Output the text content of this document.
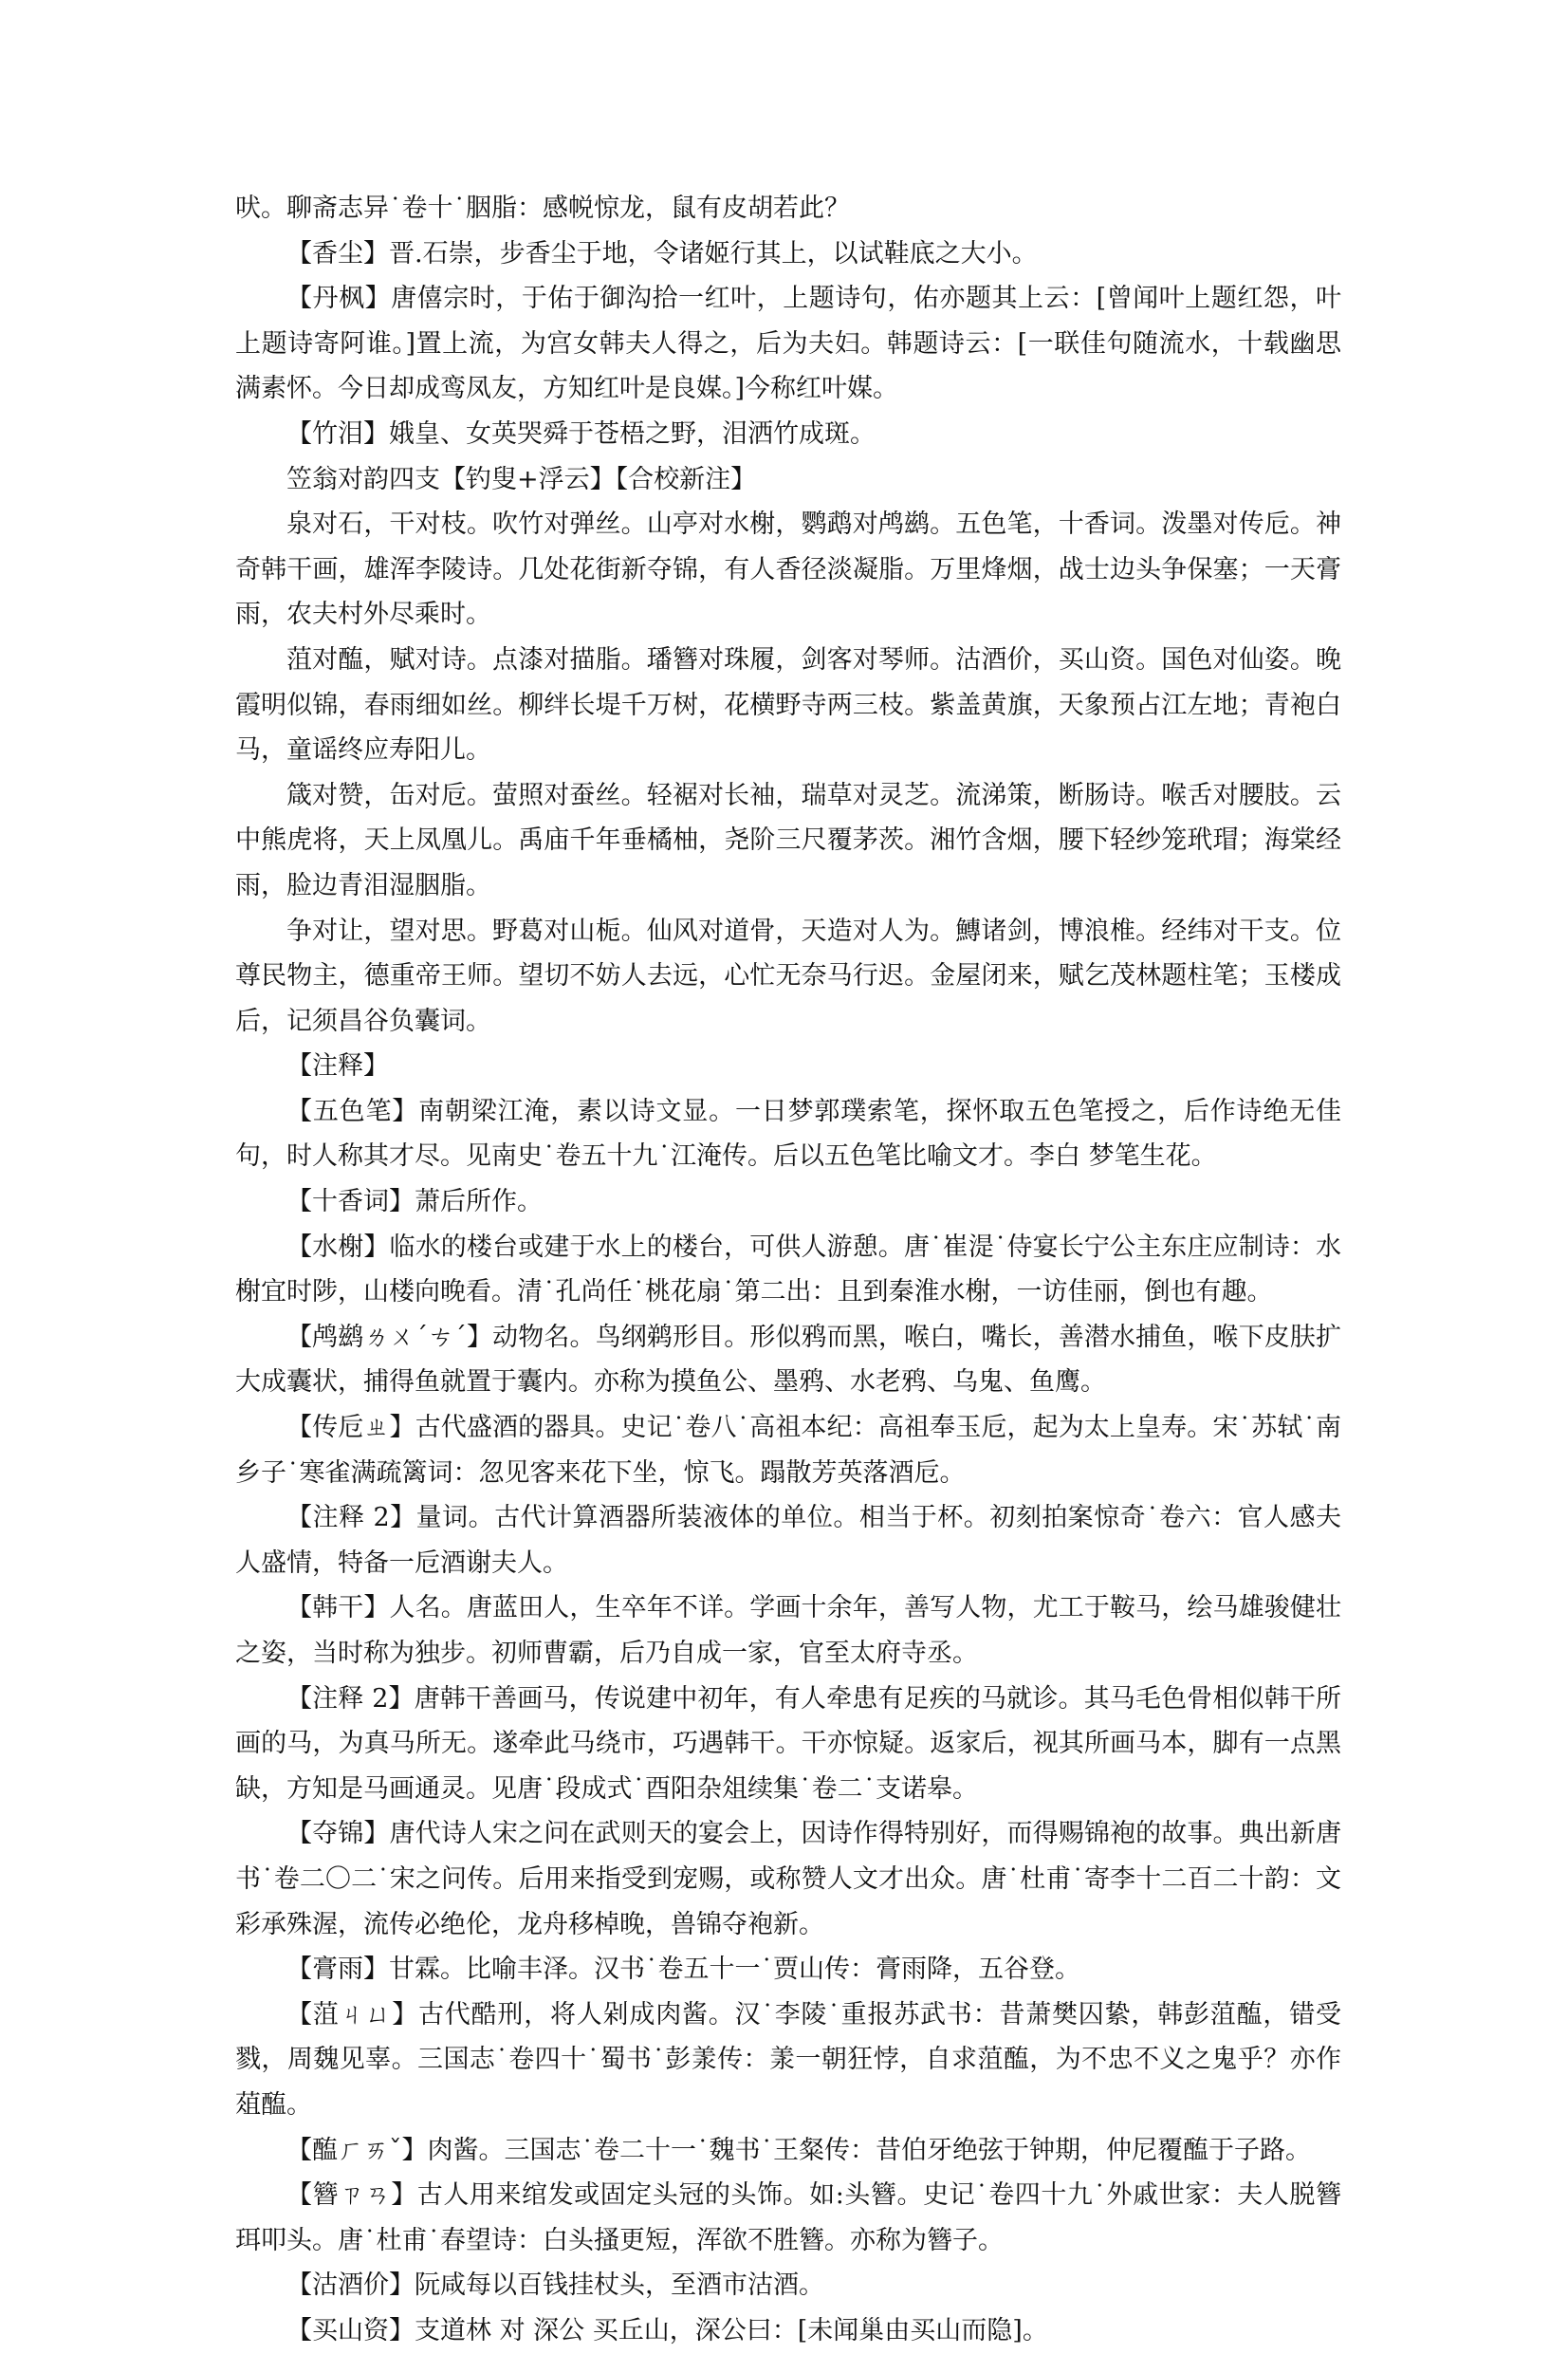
吠。聊斋志异˙卷十˙胭脂：感帨惊龙，鼠有皮胡若此？

【香尘】晋.石崇，步香尘于地，令诸姬行其上，以试鞋底之大小。

【丹枫】唐僖宗时，于佑于御沟拾一红叶，上题诗句，佑亦题其上云：[曾闻叶上题红怨，叶上题诗寄阿谁。]置上流，为宫女韩夫人得之，后为夫妇。韩题诗云：[一联佳句随流水，十载幽思满素怀。今日却成鸾凤友，方知红叶是良媒。]今称红叶媒。

【竹泪】娥皇、女英哭舜于苍梧之野，泪洒竹成斑。

笠翁对韵四支【钓叟+浮云】【合校新注】

泉对石，干对枝。吹竹对弹丝。山亭对水榭，鹦鹉对鸬鹚。五色笔，十香词。泼墨对传卮。神奇韩干画，雄浑李陵诗。几处花街新夺锦，有人香径淡凝脂。万里烽烟，战士边头争保塞；一天膏雨，农夫村外尽乘时。

菹对醢，赋对诗。点漆对描脂。璠簪对珠履，剑客对琴师。沽酒价，买山资。国色对仙姿。晚霞明似锦，春雨细如丝。柳绊长堤千万树，花横野寺两三枝。紫盖黄旗，天象预占江左地；青袍白马，童谣终应寿阳儿。

箴对赞，缶对卮。萤照对蚕丝。轻裾对长袖，瑞草对灵芝。流涕策，断肠诗。喉舌对腰肢。云中熊虎将，天上凤凰儿。禹庙千年垂橘柚，尧阶三尺覆茅茨。湘竹含烟，腰下轻纱笼玳瑁；海棠经雨，脸边青泪湿胭脂。

争对让，望对思。野葛对山栀。仙风对道骨，天造对人为。鱄诸剑，博浪椎。经纬对干支。位尊民物主，德重帝王师。望切不妨人去远，心忙无奈马行迟。金屋闭来，赋乞茂林题柱笔；玉楼成后，记须昌谷负囊词。

【注释】

【五色笔】南朝梁江淹，素以诗文显。一日梦郭璞索笔，探怀取五色笔授之，后作诗绝无佳句，时人称其才尽。见南史˙卷五十九˙江淹传。后以五色笔比喻文才。李白 梦笔生花。

【十香词】萧后所作。

【水榭】临水的楼台或建于水上的楼台，可供人游憩。唐˙崔湜˙侍宴长宁公主东庄应制诗：水榭宜时陟，山楼向晚看。清˙孔尚任˙桃花扇˙第二出：且到秦淮水榭，一访佳丽，倒也有趣。

【鸬鹚ㄌㄨˊㄘˊ】动物名。鸟纲鹈形目。形似鸦而黑，喉白，嘴长，善潜水捕鱼，喉下皮肤扩大成囊状，捕得鱼就置于囊内。亦称为摸鱼公、墨鸦、水老鸦、乌鬼、鱼鹰。

【传卮ㄓ】古代盛酒的器具。史记˙卷八˙高祖本纪：高祖奉玉卮，起为太上皇寿。宋˙苏轼˙南乡子˙寒雀满疏篱词：忽见客来花下坐，惊飞。蹋散芳英落酒卮。

【注释 2】量词。古代计算酒器所装液体的单位。相当于杯。初刻拍案惊奇˙卷六：官人感夫人盛情，特备一卮酒谢夫人。

【韩干】人名。唐蓝田人，生卒年不详。学画十余年，善写人物，尤工于鞍马，绘马雄骏健壮之姿，当时称为独步。初师曹霸，后乃自成一家，官至太府寺丞。

【注释 2】唐韩干善画马，传说建中初年，有人牵患有足疾的马就诊。其马毛色骨相似韩干所画的马，为真马所无。遂牵此马绕市，巧遇韩干。干亦惊疑。返家后，视其所画马本，脚有一点黑缺，方知是马画通灵。见唐˙段成式˙酉阳杂俎续集˙卷二˙支诺皋。

【夺锦】唐代诗人宋之问在武则天的宴会上，因诗作得特别好，而得赐锦袍的故事。典出新唐书˙卷二〇二˙宋之问传。后用来指受到宠赐，或称赞人文才出众。唐˙杜甫˙寄李十二百二十韵：文彩承殊渥，流传必绝伦，龙舟移棹晚，兽锦夺袍新。

【膏雨】甘霖。比喻丰泽。汉书˙卷五十一˙贾山传：膏雨降，五谷登。

【菹ㄐㄩ】古代酷刑，将人剁成肉酱。汉˙李陵˙重报苏武书：昔萧樊囚絷，韩彭菹醢，错受戮，周魏见辜。三国志˙卷四十˙蜀书˙彭羕传：羕一朝狂悖，自求菹醢，为不忠不义之鬼乎？亦作葅醢。

【醢ㄏㄞˇ】肉酱。三国志˙卷二十一˙魏书˙王粲传：昔伯牙绝弦于钟期，仲尼覆醢于子路。

【簪ㄗㄢ】古人用来绾发或固定头冠的头饰。如:头簪。史记˙卷四十九˙外戚世家：夫人脱簪珥叩头。唐˙杜甫˙春望诗：白头搔更短，浑欲不胜簪。亦称为簪子。

【沽酒价】阮咸每以百钱挂杖头，至酒市沽酒。

【买山资】支道林 对 深公 买丘山，深公曰：[未闻巢由买山而隐]。
